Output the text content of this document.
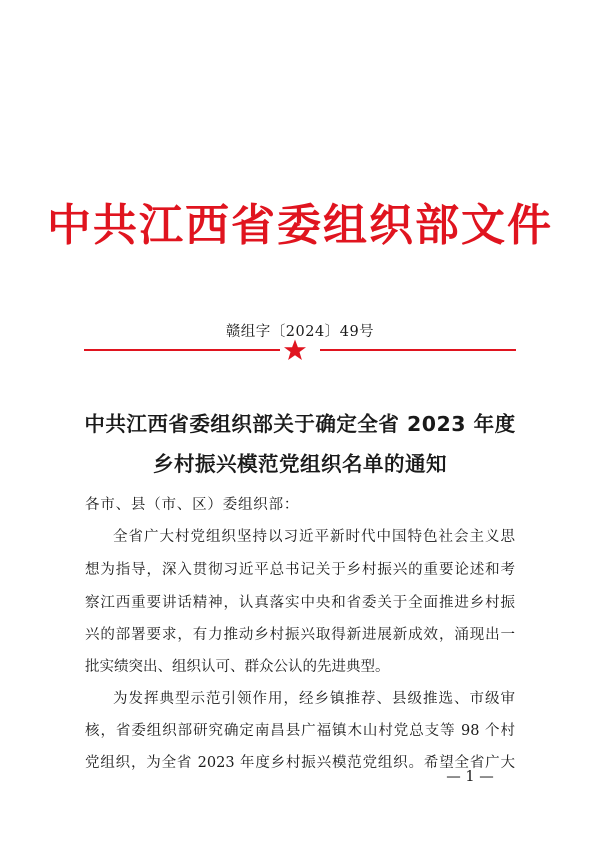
中共江西省委组织部文件
赣组字〔2024〕49号
中共江西省委组织部关于确定全省 2023 年度
乡村振兴模范党组织名单的通知
各市、县（市、区）委组织部：
全省广大村党组织坚持以习近平新时代中国特色社会主义思
想为指导，深入贯彻习近平总书记关于乡村振兴的重要论述和考
察江西重要讲话精神，认真落实中央和省委关于全面推进乡村振
兴的部署要求，有力推动乡村振兴取得新进展新成效，涌现出一
批实绩突出、组织认可、群众公认的先进典型。
为发挥典型示范引领作用，经乡镇推荐、县级推选、市级审
核，省委组织部研究确定南昌县广福镇木山村党总支等 98 个村
党组织，为全省 2023 年度乡村振兴模范党组织。希望全省广大
— 1 —
